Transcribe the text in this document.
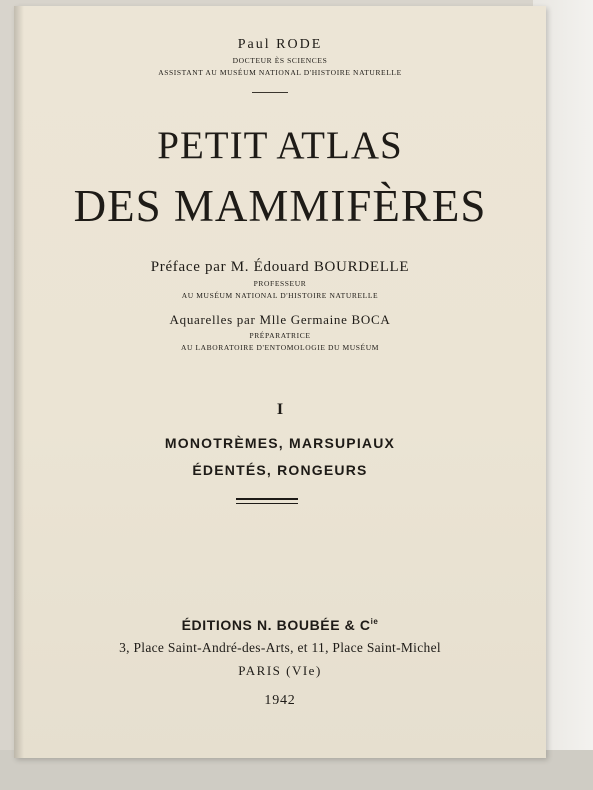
Paul RODE
DOCTEUR ÈS SCIENCES
ASSISTANT AU MUSÉUM NATIONAL D'HISTOIRE NATURELLE
PETIT ATLAS
DES MAMMIFÈRES
Préface par M. Édouard BOURDELLE
PROFESSEUR
AU MUSÉUM NATIONAL D'HISTOIRE NATURELLE
Aquarelles par Mlle Germaine BOCA
PRÉPARATRICE
AU LABORATOIRE D'ENTOMOLOGIE DU MUSÉUM
I
MONOTRÈMES, MARSUPIAUX
ÉDENTÉS, RONGEURS
ÉDITIONS N. BOUBÉE & $C^{ie}$
3, Place Saint-André-des-Arts, et 11, Place Saint-Michel
PARIS (VIe)
1942
